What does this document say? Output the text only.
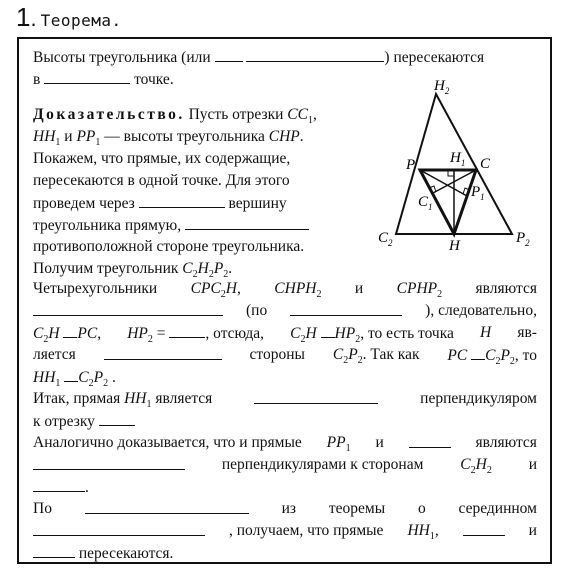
1. Теорема.
Высоты треугольника (или	) пересекаются
в	точке.
Доказательство. Пусть отрезки $CC_1$,
$HH_1$ и $PP_1$ — высоты треугольника CHP.
Покажем, что прямые, их содержащие,
пересекаются в одной точке. Для этого
проведем через	вершину
треугольника прямую,
противоположной стороне треугольника.
Получим треугольник $C_2H_2P_2$.
Четырехугольники $CPC_2H$, $CHPH_2$ и $CPHP_2$ являются
(по	), следовательно,
$C_2H$ PC, $HP_2$ = , отсюда, $C_2H$ $HP_2$, то есть точка H яв-
ляется	стороны $C_2P_2$. Так как PC $C_2P_2$, то
$HH_1$ $C_2P_2$ .
Итак, прямая $HH_1$ является	перпендикуляром
к отрезку
Аналогично доказывается, что и прямые $PP_1$ и	являются
перпендикулярами к сторонам $C_2H_2$ и
.
По	из теоремы о серединном
, получаем, что прямые $HH_1$,	и
пересекаются.
$H_2$
P	C
$H_1$
$C_1$
$P_1$
$C_2$	H	$P_2$
